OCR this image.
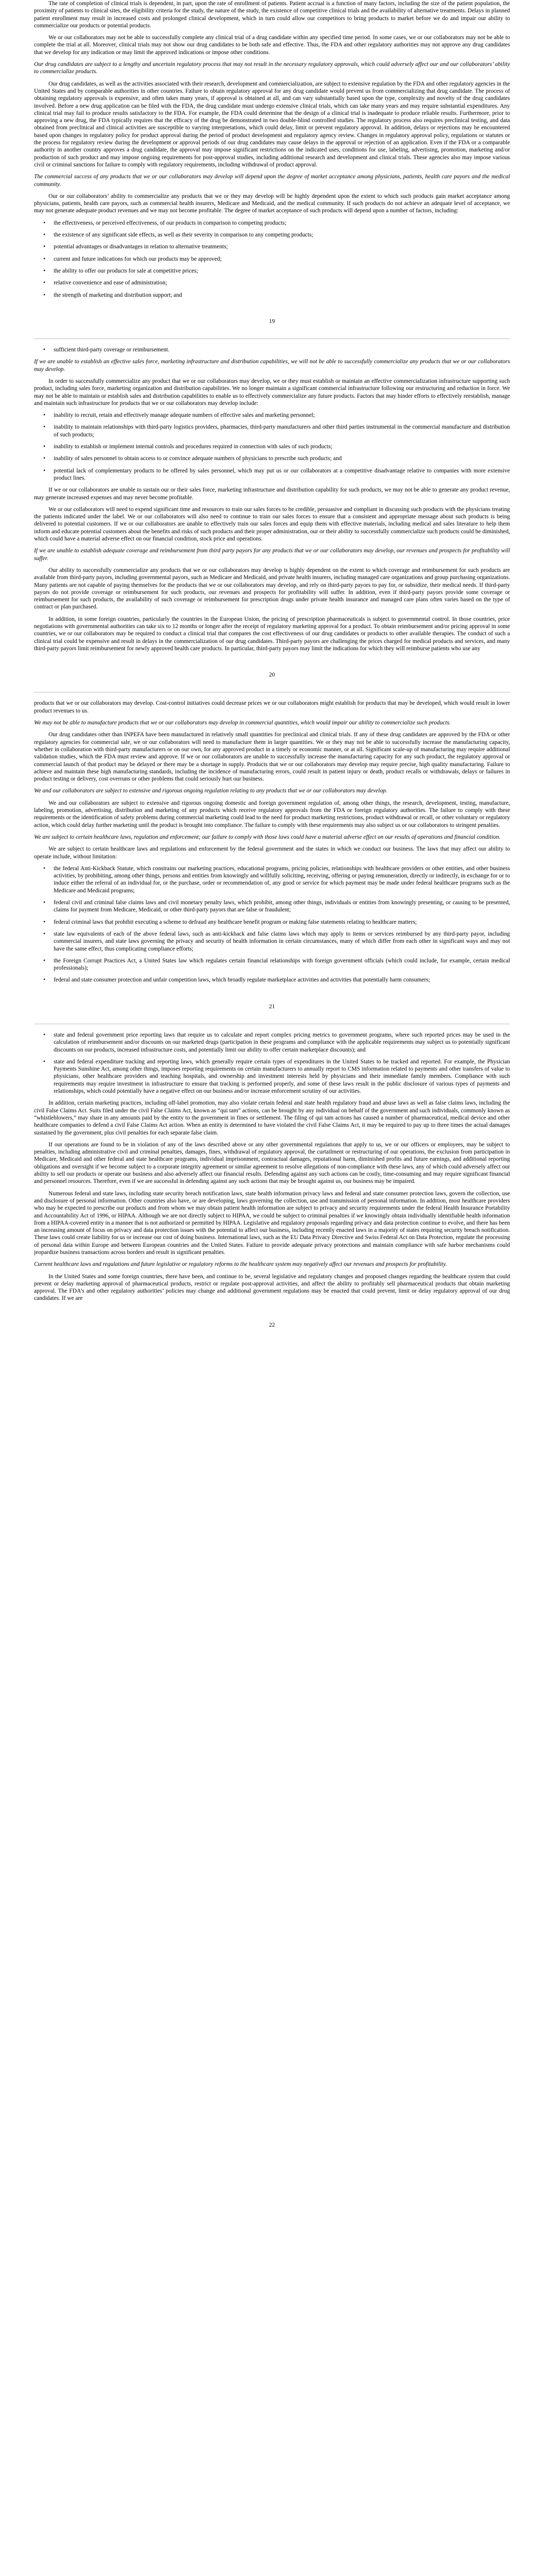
The rate of completion of clinical trials is dependent, in part, upon the rate of enrollment of patients. Patient accrual is a function of many factors, including the size of the patient population, the proximity of patients to clinical sites, the eligibility criteria for the study, the nature of the study, the existence of competitive clinical trials and the availability of alternative treatments. Delays in planned patient enrollment may result in increased costs and prolonged clinical development, which in turn could allow our competitors to bring products to market before we do and impair our ability to commercialize our products or potential products.

We or our collaborators may not be able to successfully complete any clinical trial of a drug candidate within any specified time period. In some cases, we or our collaborators may not be able to complete the trial at all. Moreover, clinical trials may not show our drug candidates to be both safe and effective. Thus, the FDA and other regulatory authorities may not approve any drug candidates that we develop for any indication or may limit the approved indications or impose other conditions.

Our drug candidates are subject to a lengthy and uncertain regulatory process that may not result in the necessary regulatory approvals, which could adversely affect our and our collaborators’ ability to commercialize products.

Our drug candidates, as well as the activities associated with their research, development and commercialization, are subject to extensive regulation by the FDA and other regulatory agencies in the United States and by comparable authorities in other countries. Failure to obtain regulatory approval for any drug candidate would prevent us from commercializing that drug candidate. The process of obtaining regulatory approvals is expensive, and often takes many years, if approval is obtained at all, and can vary substantially based upon the type, complexity and novelty of the drug candidates involved. Before a new drug application can be filed with the FDA, the drug candidate must undergo extensive clinical trials, which can take many years and may require substantial expenditures. Any clinical trial may fail to produce results satisfactory to the FDA. For example, the FDA could determine that the design of a clinical trial is inadequate to produce reliable results. Furthermore, prior to approving a new drug, the FDA typically requires that the efficacy of the drug be demonstrated in two double-blind controlled studies. The regulatory process also requires preclinical testing, and data obtained from preclinical and clinical activities are susceptible to varying interpretations, which could delay, limit or prevent regulatory approval. In addition, delays or rejections may be encountered based upon changes in regulatory policy for product approval during the period of product development and regulatory agency review. Changes in regulatory approval policy, regulations or statutes or the process for regulatory review during the development or approval periods of our drug candidates may cause delays in the approval or rejection of an application. Even if the FDA or a comparable authority in another country approves a drug candidate, the approval may impose significant restrictions on the indicated uses, conditions for use, labeling, advertising, promotion, marketing and/or production of such product and may impose ongoing requirements for post-approval studies, including additional research and development and clinical trials. These agencies also may impose various civil or criminal sanctions for failure to comply with regulatory requirements, including withdrawal of product approval.

The commercial success of any products that we or our collaborators may develop will depend upon the degree of market acceptance among physicians, patients, health care payors and the medical community.

Our or our collaborators’ ability to commercialize any products that we or they may develop will be highly dependent upon the extent to which such products gain market acceptance among physicians, patients, health care payors, such as commercial health insurers, Medicare and Medicaid, and the medical community. If such products do not achieve an adequate level of acceptance, we may not generate adequate product revenues and we may not become profitable. The degree of market acceptance of such products will depend upon a number of factors, including:

• the effectiveness, or perceived effectiveness, of our products in comparison to competing products;
• the existence of any significant side effects, as well as their severity in comparison to any competing products;
• potential advantages or disadvantages in relation to alternative treatments;
• current and future indications for which our products may be approved;
• the ability to offer our products for sale at competitive prices;
• relative convenience and ease of administration;
• the strength of marketing and distribution support; and

19

• sufficient third-party coverage or reimbursement.

If we are unable to establish an effective sales force, marketing infrastructure and distribution capabilities, we will not be able to successfully commercialize any products that we or our collaborators may develop.

In order to successfully commercialize any product that we or our collaborators may develop, we or they must establish or maintain an effective commercialization infrastructure supporting such product, including sales force, marketing organization and distribution capabilities. We no longer maintain a significant commercial infrastructure following our restructuring and reduction in force. We may not be able to maintain or establish sales and distribution capabilities to enable us to effectively commercialize any future products. Factors that may hinder efforts to effectively reestablish, manage and maintain such infrastructure for products that we or our collaborators may develop include:

• inability to recruit, retain and effectively manage adequate numbers of effective sales and marketing personnel;
• inability to maintain relationships with third-party logistics providers, pharmacies, third-party manufacturers and other third parties instrumental in the commercial manufacture and distribution of such products;
• inability to establish or implement internal controls and procedures required in connection with sales of such products;
• inability of sales personnel to obtain access to or convince adequate numbers of physicians to prescribe such products; and
• potential lack of complementary products to be offered by sales personnel, which may put us or our collaborators at a competitive disadvantage relative to companies with more extensive product lines.

If we or our collaborators are unable to sustain our or their sales force, marketing infrastructure and distribution capability for such products, we may not be able to generate any product revenue, may generate increased expenses and may never become profitable.

We or our collaborators will need to expend significant time and resources to train our sales forces to be credible, persuasive and compliant in discussing such products with the physicians treating the patients indicated under the label. We or our collaborators will also need to continue to train our sales forces to ensure that a consistent and appropriate message about such products is being delivered to potential customers. If we or our collaborators are unable to effectively train our sales forces and equip them with effective materials, including medical and sales literature to help them inform and educate potential customers about the benefits and risks of such products and their proper administration, our or their ability to successfully commercialize such products could be diminished, which could have a material adverse effect on our financial condition, stock price and operations.

If we are unable to establish adequate coverage and reimbursement from third party payors for any products that we or our collaborators may develop, our revenues and prospects for profitability will suffer.

Our ability to successfully commercialize any products that we or our collaborators may develop is highly dependent on the extent to which coverage and reimbursement for such products are available from third-party payors, including governmental payors, such as Medicare and Medicaid, and private health insurers, including managed care organizations and group purchasing organizations. Many patients are not capable of paying themselves for the products that we or our collaborators may develop, and rely on third-party payors to pay for, or subsidize, their medical needs. If third-party payors do not provide coverage or reimbursement for such products, our revenues and prospects for profitability will suffer. In addition, even if third-party payors provide some coverage or reimbursement for such products, the availability of such coverage or reimbursement for prescription drugs under private health insurance and managed care plans often varies based on the type of contract or plan purchased.

In addition, in some foreign countries, particularly the countries in the European Union, the pricing of prescription pharmaceuticals is subject to governmental control. In those countries, price negotiations with governmental authorities can take six to 12 months or longer after the receipt of regulatory marketing approval for a product. To obtain reimbursement and/or pricing approval in some countries, we or our collaborators may be required to conduct a clinical trial that compares the cost effectiveness of our drug candidates or products to other available therapies. The conduct of such a clinical trial could be expensive and result in delays in the commercialization of our drug candidates. Third-party payors are challenging the prices charged for medical products and services, and many third-party payors limit reimbursement for newly approved health care products. In particular, third-party payors may limit the indications for which they will reimburse patients who use any

20

products that we or our collaborators may develop. Cost-control initiatives could decrease prices we or our collaborators might establish for products that may be developed, which would result in lower product revenues to us.

We may not be able to manufacture products that we or our collaborators may develop in commercial quantities, which would impair our ability to commercialize such products.

Our drug candidates other than INPEFA have been manufactured in relatively small quantities for preclinical and clinical trials. If any of these drug candidates are approved by the FDA or other regulatory agencies for commercial sale, we or our collaborators will need to manufacture them in larger quantities. We or they may not be able to successfully increase the manufacturing capacity, whether in collaboration with third-party manufacturers or on our own, for any approved product in a timely or economic manner, or at all. Significant scale-up of manufacturing may require additional validation studies, which the FDA must review and approve. If we or our collaborators are unable to successfully increase the manufacturing capacity for any such product, the regulatory approval or commercial launch of that product may be delayed or there may be a shortage in supply. Products that we or our collaborators may develop may require precise, high quality manufacturing. Failure to achieve and maintain these high manufacturing standards, including the incidence of manufacturing errors, could result in patient injury or death, product recalls or withdrawals, delays or failures in product testing or delivery, cost overruns or other problems that could seriously hurt our business.

We and our collaborators are subject to extensive and rigorous ongoing regulation relating to any products that we or our collaborators may develop.

We and our collaborators are subject to extensive and rigorous ongoing domestic and foreign government regulation of, among other things, the research, development, testing, manufacture, labeling, promotion, advertising, distribution and marketing of any products which receive regulatory approvals from the FDA or foreign regulatory authorities. The failure to comply with these requirements or the identification of safety problems during commercial marketing could lead to the need for product marketing restrictions, product withdrawal or recall, or other voluntary or regulatory action, which could delay further marketing until the product is brought into compliance. The failure to comply with these requirements may also subject us or our collaborators to stringent penalties.

We are subject to certain healthcare laws, regulation and enforcement; our failure to comply with those laws could have a material adverse effect on our results of operations and financial condition.

We are subject to certain healthcare laws and regulations and enforcement by the federal government and the states in which we conduct our business. The laws that may affect our ability to operate include, without limitation:

• the federal Anti-Kickback Statute, which constrains our marketing practices, educational programs, pricing policies, relationships with healthcare providers or other entities, and other business activities, by prohibiting, among other things, persons and entities from knowingly and willfully soliciting, receiving, offering or paying remuneration, directly or indirectly, in exchange for or to induce either the referral of an individual for, or the purchase, order or recommendation of, any good or service for which payment may be made under federal healthcare programs such as the Medicare and Medicaid programs;
• federal civil and criminal false claims laws and civil monetary penalty laws, which prohibit, among other things, individuals or entities from knowingly presenting, or causing to be presented, claims for payment from Medicare, Medicaid, or other third-party payors that are false or fraudulent;
• federal criminal laws that prohibit executing a scheme to defraud any healthcare benefit program or making false statements relating to healthcare matters;
• state law equivalents of each of the above federal laws, such as anti-kickback and false claims laws which may apply to items or services reimbursed by any third-party payor, including commercial insurers, and state laws governing the privacy and security of health information in certain circumstances, many of which differ from each other in significant ways and may not have the same effect, thus complicating compliance efforts;
• the Foreign Corrupt Practices Act, a United States law which regulates certain financial relationships with foreign government officials (which could include, for example, certain medical professionals);
• federal and state consumer protection and unfair competition laws, which broadly regulate marketplace activities and activities that potentially harm consumers;

21

• state and federal government price reporting laws that require us to calculate and report complex pricing metrics to government programs, where such reported prices may be used in the calculation of reimbursement and/or discounts on our marketed drugs (participation in these programs and compliance with the applicable requirements may subject us to potentially significant discounts on our products, increased infrastructure costs, and potentially limit our ability to offer certain marketplace discounts); and
• state and federal expenditure tracking and reporting laws, which generally require certain types of expenditures in the United States to be tracked and reported. For example, the Physician Payments Sunshine Act, among other things, imposes reporting requirements on certain manufacturers to annually report to CMS information related to payments and other transfers of value to physicians, other healthcare providers and teaching hospitals, and ownership and investment interests held by physicians and their immediate family members. Compliance with such requirements may require investment in infrastructure to ensure that tracking is performed properly, and some of these laws result in the public disclosure of various types of payments and relationships, which could potentially have a negative effect on our business and/or increase enforcement scrutiny of our activities.

In addition, certain marketing practices, including off-label promotion, may also violate certain federal and state health regulatory fraud and abuse laws as well as false claims laws, including the civil False Claims Act. Suits filed under the civil False Claims Act, known as “qui tam” actions, can be brought by any individual on behalf of the government and such individuals, commonly known as “whistleblowers,” may share in any amounts paid by the entity to the government in fines or settlement. The filing of qui tam actions has caused a number of pharmaceutical, medical device and other healthcare companies to defend a civil False Claims Act action. When an entity is determined to have violated the civil False Claims Act, it may be required to pay up to three times the actual damages sustained by the government, plus civil penalties for each separate false claim.

If our operations are found to be in violation of any of the laws described above or any other governmental regulations that apply to us, we or our officers or employees, may be subject to penalties, including administrative civil and criminal penalties, damages, fines, withdrawal of regulatory approval, the curtailment or restructuring of our operations, the exclusion from participation in Medicare, Medicaid and other federal and state healthcare programs, individual imprisonment, contractual damages, reputational harm, diminished profits and future earnings, and additional reporting obligations and oversight if we become subject to a corporate integrity agreement or similar agreement to resolve allegations of non-compliance with these laws, any of which could adversely affect our ability to sell our products or operate our business and also adversely affect our financial results. Defending against any such actions can be costly, time-consuming and may require significant financial and personnel resources. Therefore, even if we are successful in defending against any such actions that may be brought against us, our business may be impaired.

Numerous federal and state laws, including state security breach notification laws, state health information privacy laws and federal and state consumer protection laws, govern the collection, use and disclosure of personal information. Other countries also have, or are developing, laws governing the collection, use and transmission of personal information. In addition, most healthcare providers who may be expected to prescribe our products and from whom we may obtain patient health information are subject to privacy and security requirements under the federal Health Insurance Portability and Accountability Act of 1996, or HIPAA. Although we are not directly subject to HIPAA, we could be subject to criminal penalties if we knowingly obtain individually identifiable health information from a HIPAA-covered entity in a manner that is not authorized or permitted by HIPAA. Legislative and regulatory proposals regarding privacy and data protection continue to evolve, and there has been an increasing amount of focus on privacy and data protection issues with the potential to affect our business, including recently enacted laws in a majority of states requiring security breach notification. These laws could create liability for us or increase our cost of doing business. International laws, such as the EU Data Privacy Directive and Swiss Federal Act on Data Protection, regulate the processing of personal data within Europe and between European countries and the United States. Failure to provide adequate privacy protections and maintain compliance with safe harbor mechanisms could jeopardize business transactions across borders and result in significant penalties.

Current healthcare laws and regulations and future legislative or regulatory reforms to the healthcare system may negatively affect our revenues and prospects for profitability.

In the United States and some foreign countries, there have been, and continue to be, several legislative and regulatory changes and proposed changes regarding the healthcare system that could prevent or delay marketing approval of pharmaceutical products, restrict or regulate post-approval activities, and affect the ability to profitably sell pharmaceutical products that obtain marketing approval. The FDA’s and other regulatory authorities’ policies may change and additional government regulations may be enacted that could prevent, limit or delay regulatory approval of our drug candidates. If we are

22
